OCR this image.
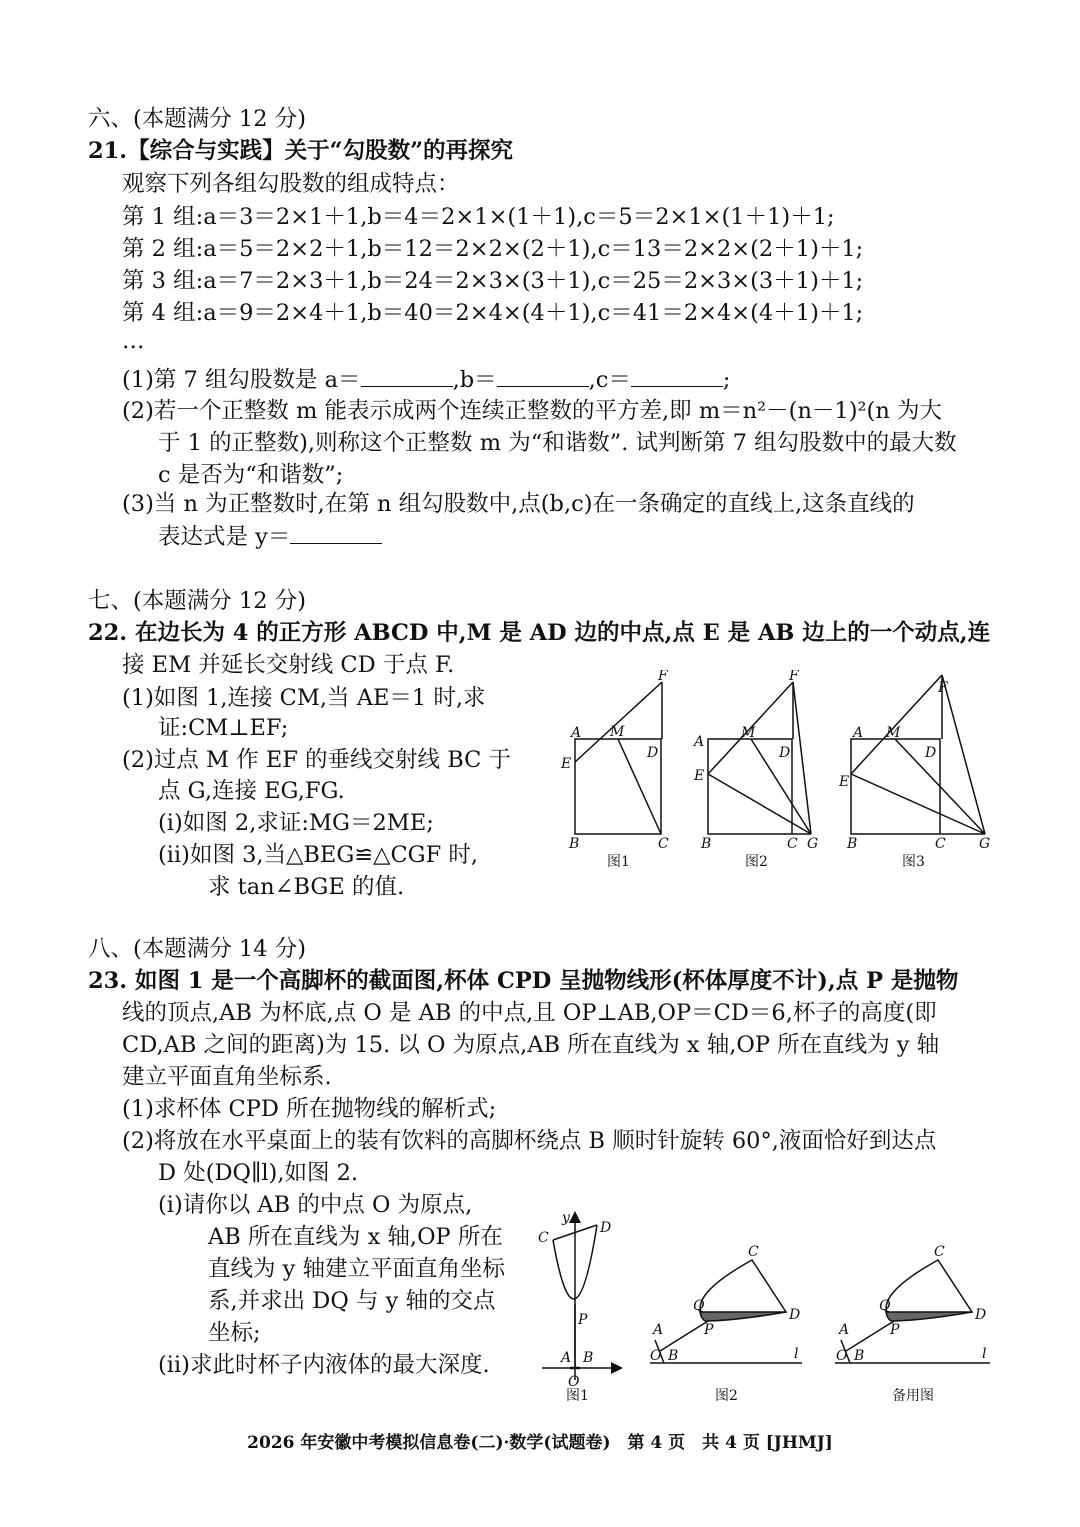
六、(本题满分 12 分)
21.【综合与实践】关于“勾股数”的再探究
观察下列各组勾股数的组成特点：
第 1 组:a＝3＝2×1＋1,b＝4＝2×1×(1＋1),c＝5＝2×1×(1＋1)＋1;
第 2 组:a＝5＝2×2＋1,b＝12＝2×2×(2＋1),c＝13＝2×2×(2＋1)＋1;
第 3 组:a＝7＝2×3＋1,b＝24＝2×3×(3＋1),c＝25＝2×3×(3＋1)＋1;
第 4 组:a＝9＝2×4＋1,b＝40＝2×4×(4＋1),c＝41＝2×4×(4＋1)＋1;
…
(1)第 7 组勾股数是 a＝	,b＝	,c＝	;
(2)若一个正整数 m 能表示成两个连续正整数的平方差,即 m＝n²－(n－1)²(n 为大
于 1 的正整数),则称这个正整数 m 为“和谐数”. 试判断第 7 组勾股数中的最大数
c 是否为“和谐数”;
(3)当 n 为正整数时,在第 n 组勾股数中,点(b,c)在一条确定的直线上,这条直线的
表达式是 y＝
七、(本题满分 12 分)
22. 在边长为 4 的正方形 ABCD 中,M 是 AD 边的中点,点 E 是 AB 边上的一个动点,连
接 EM 并延长交射线 CD 于点 F.
(1)如图 1,连接 CM,当 AE＝1 时,求
证:CM⊥EF;
(2)过点 M 作 EF 的垂线交射线 BC 于
点 G,连接 EG,FG.
(ⅰ)如图 2,求证:MG＝2ME;
(ⅱ)如图 3,当△BEG≌△CGF 时,
求 tan∠BGE 的值.
A M
F
D
E
B	C
图1
A
M
F
D
E
B	C G
图2
A M
F
D
E
B	C G
图3
八、(本题满分 14 分)
23. 如图 1 是一个高脚杯的截面图,杯体 CPD 呈抛物线形(杯体厚度不计),点 P 是抛物
线的顶点,AB 为杯底,点 O 是 AB 的中点,且 OP⊥AB,OP＝CD＝6,杯子的高度(即
CD,AB 之间的距离)为 15. 以 O 为原点,AB 所在直线为 x 轴,OP 所在直线为 y 轴
建立平面直角坐标系.
(1)求杯体 CPD 所在抛物线的解析式;
(2)将放在水平桌面上的装有饮料的高脚杯绕点 B 顺时针旋转 60°,液面恰好到达点
D 处(DQ∥l),如图 2.
(ⅰ)请你以 AB 的中点 O 为原点,
AB 所在直线为 x 轴,OP 所在
直线为 y 轴建立平面直角坐标
系,并求出 DQ 与 y 轴的交点
坐标;
(ⅱ)求此时杯子内液体的最大深度.
y
C
D
P
A B
O
图1
A
O B
P
Q
C
D
l
图2
A
O B
P
Q
C
D
l
备用图
2026 年安徽中考模拟信息卷(二)·数学(试题卷)　第 4 页　共 4 页 [JHMJ]
